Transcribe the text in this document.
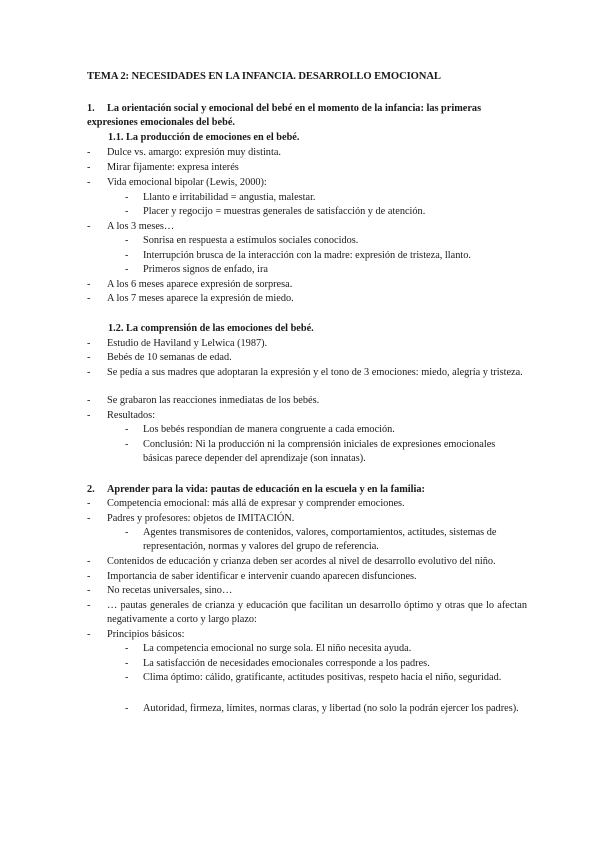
TEMA 2: NECESIDADES EN LA INFANCIA. DESARROLLO EMOCIONAL
1.	La orientación social y emocional del bebé en el momento de la infancia: las primeras expresiones emocionales del bebé.
1.1. La producción de emociones en el bebé.
-	Dulce vs. amargo: expresión muy distinta.
-	Mirar fijamente: expresa interés
-	Vida emocional bipolar (Lewis, 2000):
-	Llanto e irritabilidad = angustia, malestar.
-	Placer y regocijo = muestras generales de satisfacción y de atención.
-	A los 3 meses…
-	Sonrisa en respuesta a estímulos sociales conocidos.
-	Interrupción brusca de la interacción con la madre: expresión de tristeza, llanto.
-	Primeros signos de enfado, ira
-	A los 6 meses aparece expresión de sorpresa.
-	A los 7 meses aparece la expresión de miedo.
1.2. La comprensión de las emociones del bebé.
-	Estudio de Haviland y Lelwica (1987).
-	Bebés de 10 semanas de edad.
-	Se pedía a sus madres que adoptaran la expresión y el tono de 3 emociones: miedo, alegría y tristeza.
-	Se grabaron las reacciones inmediatas de los bebés.
-	Resultados:
-	Los bebés respondían de manera congruente a cada emoción.
-	Conclusión: Ni la producción ni la comprensión iniciales de expresiones emocionales básicas parece depender del aprendizaje (son innatas).
2.	Aprender para la vida: pautas de educación en la escuela y en la familia:
-	Competencia emocional: más allá de expresar y comprender emociones.
-	Padres y profesores: objetos de IMITACIÓN.
-	Agentes transmisores de contenidos, valores, comportamientos, actitudes, sistemas de representación, normas y valores del grupo de referencia.
-	Contenidos de educación y crianza deben ser acordes al nivel de desarrollo evolutivo del niño.
-	Importancia de saber identificar e intervenir cuando aparecen disfunciones.
-	No recetas universales, sino…
-	… pautas generales de crianza y educación que facilitan un desarrollo óptimo y otras que lo afectan negativamente a corto y largo plazo:
-	Principios básicos:
-	La competencia emocional no surge sola. El niño necesita ayuda.
-	La satisfacción de necesidades emocionales corresponde a los padres.
-	Clima óptimo: cálido, gratificante, actitudes positivas, respeto hacia el niño, seguridad.
-	Autoridad, firmeza, límites, normas claras, y libertad (no solo la podrán ejercer los padres).
